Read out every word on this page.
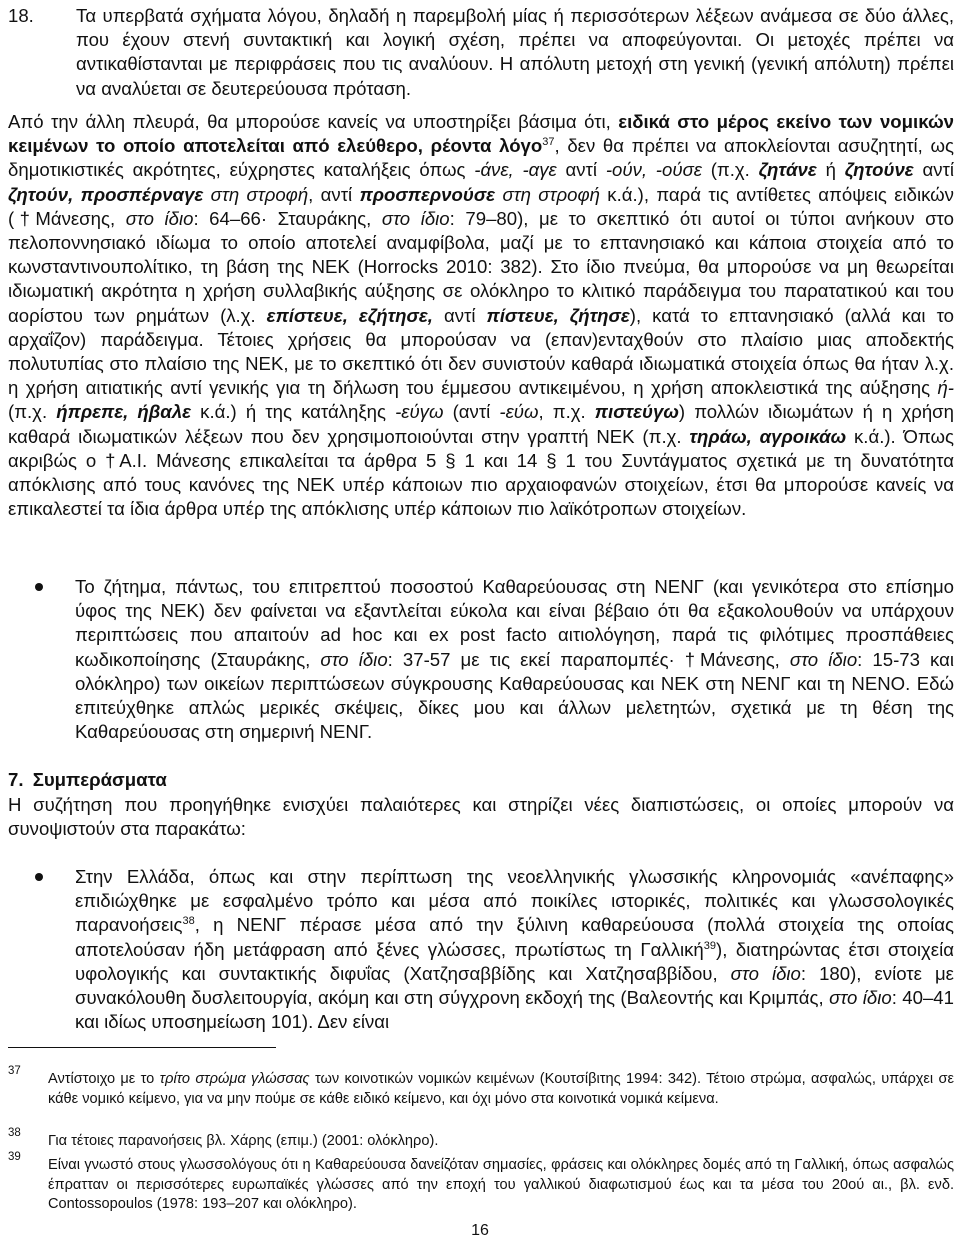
18. Τα υπερβατά σχήματα λόγου, δηλαδή η παρεμβολή μίας ή περισσότερων λέξεων ανάμεσα σε δύο άλλες, που έχουν στενή συντακτική και λογική σχέση, πρέπει να αποφεύγονται. Οι μετοχές πρέπει να αντικαθίστανται με περιφράσεις που τις αναλύουν. Η απόλυτη μετοχή στη γενική (γενική απόλυτη) πρέπει να αναλύεται σε δευτερεύουσα πρόταση.
Από την άλλη πλευρά, θα μπορούσε κανείς να υποστηρίξει βάσιμα ότι, ειδικά στο μέρος εκείνο των νομικών κειμένων το οποίο αποτελείται από ελεύθερο, ρέοντα λόγο$^{37}$, δεν θα πρέπει να αποκλείονται ασυζητητί, ως δημοτικιστικές ακρότητες, εύχρηστες καταλήξεις όπως -άνε, -αγε αντί -ούν, -ούσε (π.χ. ζητάνε ή ζητούνε αντί ζητούν, προσπέρναγε στη στροφή, αντί προσπερνούσε στη στροφή κ.ά.), παρά τις αντίθετες απόψεις ειδικών (†Μάνεσης, στο ίδιο: 64–66· Σταυράκης, στο ίδιο: 79–80), με το σκεπτικό ότι αυτοί οι τύποι ανήκουν στο πελοποννησιακό ιδίωμα το οποίο αποτελεί αναμφίβολα, μαζί με το επτανησιακό και κάποια στοιχεία από το κωνσταντινουπολίτικο, τη βάση της ΝΕΚ (Horrocks 2010: 382). Στο ίδιο πνεύμα, θα μπορούσε να μη θεωρείται ιδιωματική ακρότητα η χρήση συλλαβικής αύξησης σε ολόκληρο το κλιτικό παράδειγμα του παρατατικού και του αορίστου των ρημάτων (λ.χ. επίστευε, εζήτησε, αντί πίστευε, ζήτησε), κατά το επτανησιακό (αλλά και το αρχαΐζον) παράδειγμα. Τέτοιες χρήσεις θα μπορούσαν να (επαν)ενταχθούν στο πλαίσιο μιας αποδεκτής πολυτυπίας στο πλαίσιο της ΝΕΚ, με το σκεπτικό ότι δεν συνιστούν καθαρά ιδιωματικά στοιχεία όπως θα ήταν λ.χ. η χρήση αιτιατικής αντί γενικής για τη δήλωση του έμμεσου αντικειμένου, η χρήση αποκλειστικά της αύξησης ή- (π.χ. ήπρεπε, ήβαλε κ.ά.) ή της κατάληξης -εύγω (αντί -εύω, π.χ. πιστεύγω) πολλών ιδιωμάτων ή η χρήση καθαρά ιδιωματικών λέξεων που δεν χρησιμοποιούνται στην γραπτή ΝΕΚ (π.χ. τηράω, αγροικάω κ.ά.). Όπως ακριβώς ο †Α.Ι. Μάνεσης επικαλείται τα άρθρα 5 § 1 και 14 § 1 του Συντάγματος σχετικά με τη δυνατότητα απόκλισης από τους κανόνες της ΝΕΚ υπέρ κάποιων πιο αρχαιοφανών στοιχείων, έτσι θα μπορούσε κανείς να επικαλεστεί τα ίδια άρθρα υπέρ της απόκλισης υπέρ κάποιων πιο λαϊκότροπων στοιχείων.
Το ζήτημα, πάντως, του επιτρεπτού ποσοστού Καθαρεύουσας στη ΝΕΝΓ (και γενικότερα στο επίσημο ύφος της ΝΕΚ) δεν φαίνεται να εξαντλείται εύκολα και είναι βέβαιο ότι θα εξακολουθούν να υπάρχουν περιπτώσεις που απαιτούν ad hoc και ex post facto αιτιολόγηση, παρά τις φιλότιμες προσπάθειες κωδικοποίησης (Σταυράκης, στο ίδιο: 37-57 με τις εκεί παραπομπές· †Μάνεσης, στο ίδιο: 15-73 και ολόκληρο) των οικείων περιπτώσεων σύγκρουσης Καθαρεύουσας και ΝΕΚ στη ΝΕΝΓ και τη ΝΕΝΟ. Εδώ επιτεύχθηκε απλώς μερικές σκέψεις, δίκες μου και άλλων μελετητών, σχετικά με τη θέση της Καθαρεύουσας στη σημερινή ΝΕΝΓ.
7. Συμπεράσματα
Η συζήτηση που προηγήθηκε ενισχύει παλαιότερες και στηρίζει νέες διαπιστώσεις, οι οποίες μπορούν να συνοψιστούν στα παρακάτω:
Στην Ελλάδα, όπως και στην περίπτωση της νεοελληνικής γλωσσικής κληρονομιάς «ανέπαφης» επιδιώχθηκε με εσφαλμένο τρόπο και μέσα από ποικίλες ιστορικές, πολιτικές και γλωσσολογικές παρανοήσεις$^{38}$, η ΝΕΝΓ πέρασε μέσα από την ξύλινη καθαρεύουσα (πολλά στοιχεία της οποίας αποτελούσαν ήδη μετάφραση από ξένες γλώσσες, πρωτίστως τη Γαλλική$^{39}$), διατηρώντας έτσι στοιχεία υφολογικής και συντακτικής διφυΐας (Χατζησαββίδης και Χατζησαββίδου, στο ίδιο: 180), ενίοτε με συνακόλουθη δυσλειτουργία, ακόμη και στη σύγχρονη εκδοχή της (Βαλεοντής και Κριμπάς, στο ίδιο: 40–41 και ιδίως υποσημείωση 101). Δεν είναι
37 Αντίστοιχο με το τρίτο στρώμα γλώσσας των κοινοτικών νομικών κειμένων (Κουτσίβιτης 1994: 342). Τέτοιο στρώμα, ασφαλώς, υπάρχει σε κάθε νομικό κείμενο, για να μην πούμε σε κάθε ειδικό κείμενο, και όχι μόνο στα κοινοτικά νομικά κείμενα.
38 Για τέτοιες παρανοήσεις βλ. Χάρης (επιμ.) (2001: ολόκληρο).
39 Είναι γνωστό στους γλωσσολόγους ότι η Καθαρεύουσα δανείζόταν σημασίες, φράσεις και ολόκληρες δομές από τη Γαλλική, όπως ασφαλώς έπρατταν οι περισσότερες ευρωπαϊκές γλώσσες από την εποχή του γαλλικού διαφωτισμού έως και τα μέσα του 20ού αι., βλ. ενδ. Contossopoulos (1978: 193–207 και ολόκληρο).
16
